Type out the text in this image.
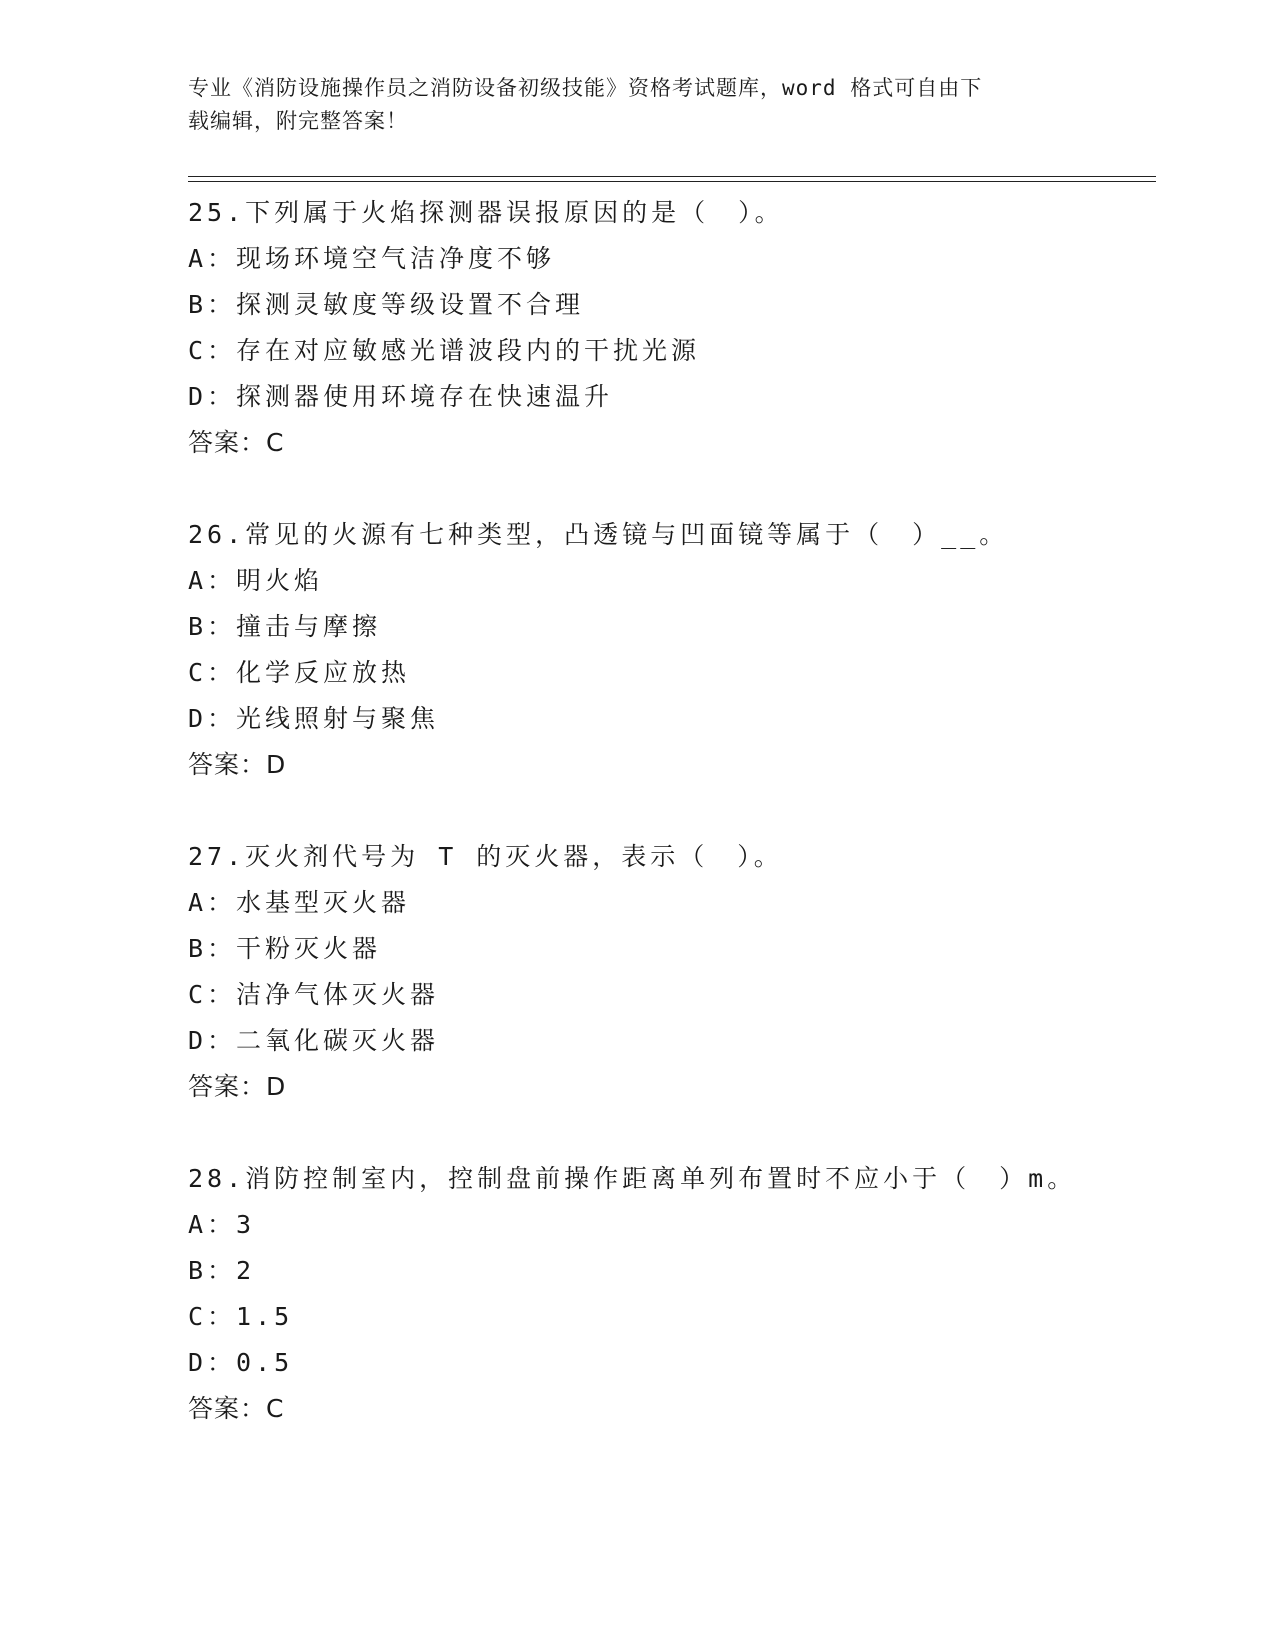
专业《消防设施操作员之消防设备初级技能》资格考试题库，word 格式可自由下
载编辑，附完整答案！
25.下列属于火焰探测器误报原因的是（　）。
A：现场环境空气洁净度不够
B：探测灵敏度等级设置不合理
C：存在对应敏感光谱波段内的干扰光源
D：探测器使用环境存在快速温升
答案：C
26.常见的火源有七种类型，凸透镜与凹面镜等属于（　）__。
A：明火焰
B：撞击与摩擦
C：化学反应放热
D：光线照射与聚焦
答案：D
27.灭火剂代号为 T 的灭火器，表示（　）。
A：水基型灭火器
B：干粉灭火器
C：洁净气体灭火器
D：二氧化碳灭火器
答案：D
28.消防控制室内，控制盘前操作距离单列布置时不应小于（　）m。
A：3
B：2
C：1.5
D：0.5
答案：C
